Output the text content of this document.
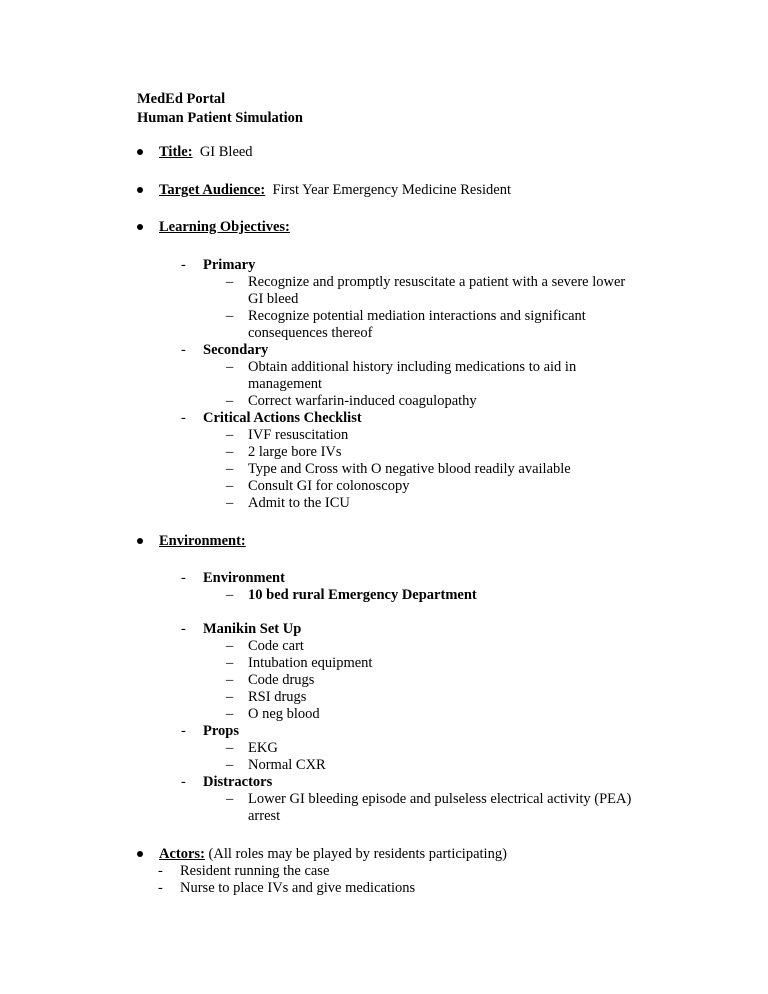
MedEd Portal
Human Patient Simulation
Title: GI Bleed
Target Audience: First Year Emergency Medicine Resident
Learning Objectives:
- Primary
– Recognize and promptly resuscitate a patient with a severe lower
GI bleed
– Recognize potential mediation interactions and significant
consequences thereof
- Secondary
– Obtain additional history including medications to aid in
management
– Correct warfarin-induced coagulopathy
- Critical Actions Checklist
– IVF resuscitation
– 2 large bore IVs
– Type and Cross with O negative blood readily available
– Consult GI for colonoscopy
– Admit to the ICU
Environment:
- Environment
– 10 bed rural Emergency Department
- Manikin Set Up
– Code cart
– Intubation equipment
– Code drugs
– RSI drugs
– O neg blood
- Props
– EKG
– Normal CXR
- Distractors
– Lower GI bleeding episode and pulseless electrical activity (PEA)
arrest
Actors: (All roles may be played by residents participating)
- Resident running the case
- Nurse to place IVs and give medications
